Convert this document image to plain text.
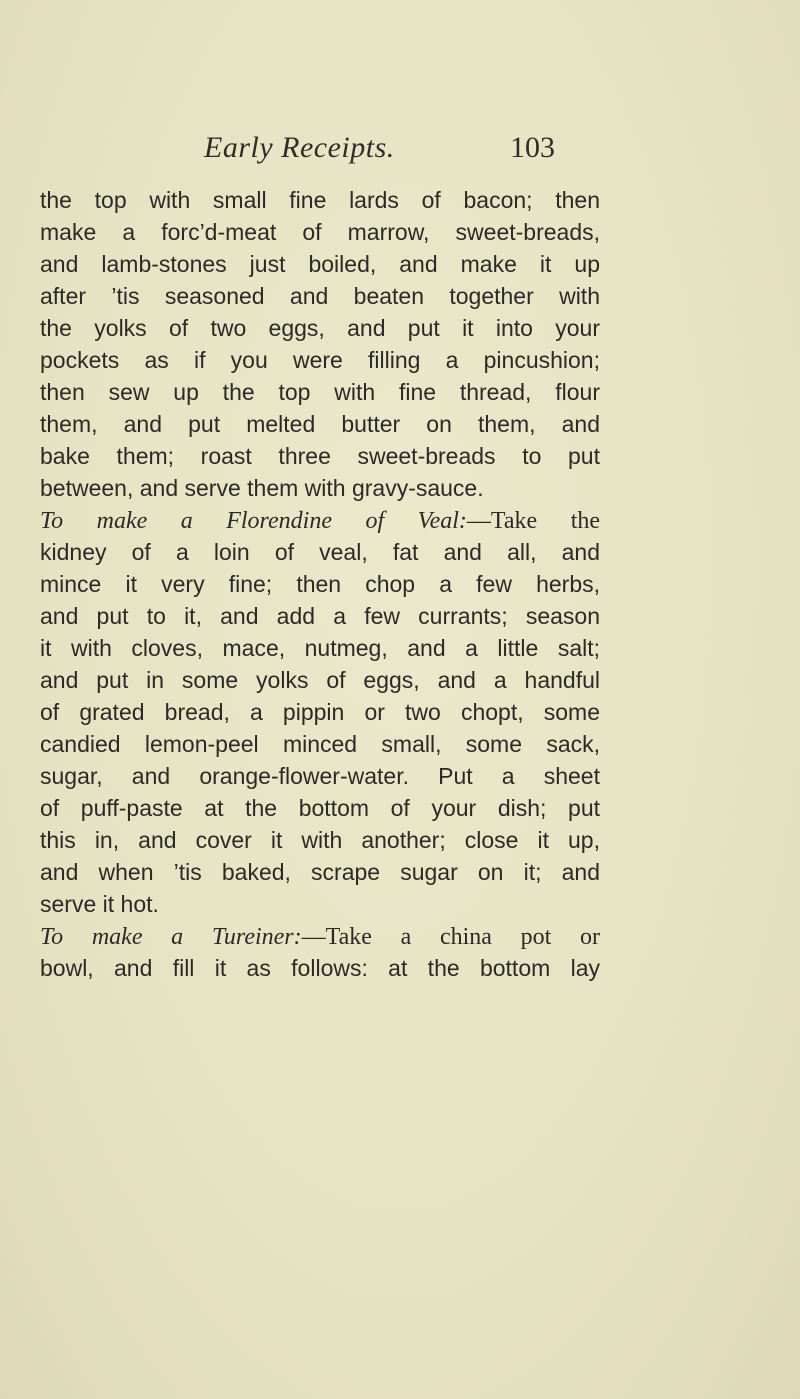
Early Receipts.	103
the top with small fine lards of bacon; then
make a forc’d-meat of marrow, sweet-breads,
and lamb-stones just boiled, and make it up
after ’tis seasoned and beaten together with
the yolks of two eggs, and put it into your
pockets as if you were filling a pincushion;
then sew up the top with fine thread, flour
them, and put melted butter on them, and
bake them; roast three sweet-breads to put
between, and serve them with gravy-sauce.
To make a Florendine of Veal:—Take the
kidney of a loin of veal, fat and all, and
mince it very fine; then chop a few herbs,
and put to it, and add a few currants; season
it with cloves, mace, nutmeg, and a little salt;
and put in some yolks of eggs, and a handful
of grated bread, a pippin or two chopt, some
candied lemon-peel minced small, some sack,
sugar, and orange-flower-water. Put a sheet
of puff-paste at the bottom of your dish; put
this in, and cover it with another; close it up,
and when ’tis baked, scrape sugar on it; and
serve it hot.
To make a Tureiner:—Take a china pot or
bowl, and fill it as follows: at the bottom lay
